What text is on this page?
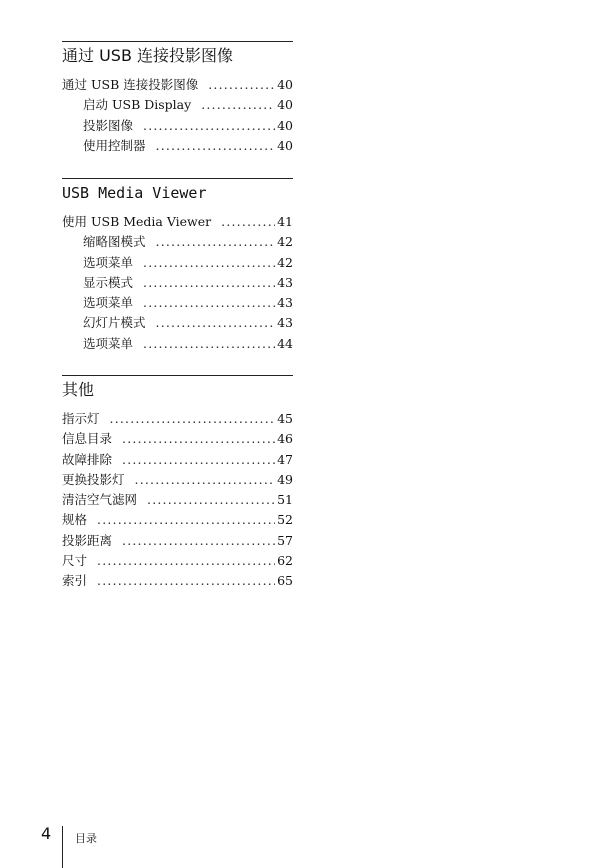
通过 USB 连接投影图像
通过 USB 连接投影图像 .....	40
启动 USB Display .....	40
投影图像 .....	40
使用控制器 .....	40
USB Media Viewer
使用 USB Media Viewer .....	41
缩略图模式 .....	42
选项菜单 .....	42
显示模式 .....	43
选项菜单 .....	43
幻灯片模式 .....	43
选项菜单 .....	44
其他
指示灯 .....	45
信息目录 .....	46
故障排除 .....	47
更换投影灯 .....	49
清洁空气滤网 .....	51
规格 .....	52
投影距离 .....	57
尺寸 .....	62
索引 .....	65
4 目录
